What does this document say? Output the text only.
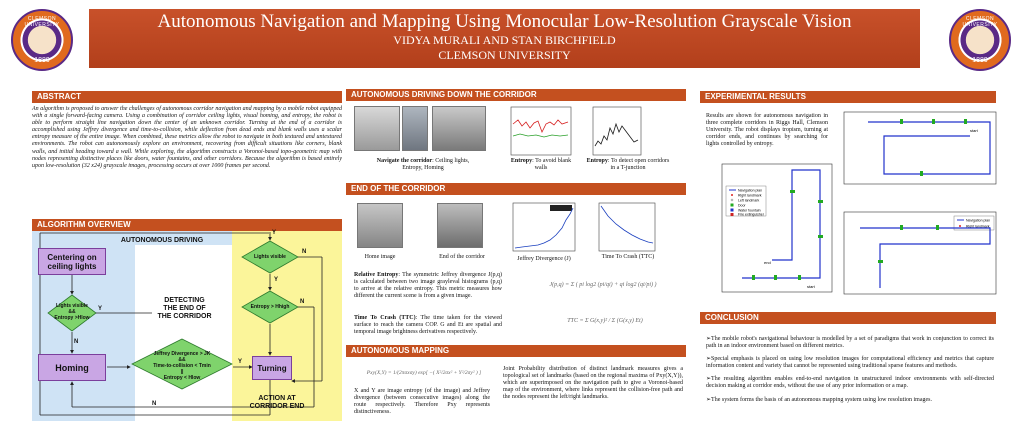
CLEMSON UNIVERSITY
1889
Autonomous Navigation and Mapping Using Monocular Low-Resolution Grayscale Vision
VIDYA MURALI AND STAN BIRCHFIELD
CLEMSON UNIVERSITY
CLEMSON UNIVERSITY
1889
ABSTRACT
An algorithm is proposed to answer the challenges of autonomous corridor navigation and mapping by a mobile robot equipped with a single forward-facing camera. Using a combination of corridor ceiling lights, visual homing, and entropy, the robot is able to perform straight line navigation down the center of an unknown corridor. Turning at the end of a corridor is accomplished using Jeffrey divergence and time-to-collision, while deflection from dead ends and blank walls uses a scalar entropy measure of the entire image. When combined, these metrics allow the robot to navigate in both textured and untextured environments. The robot can autonomously explore an environment, recovering from difficult situations like corners, blank walls, and initial heading toward a wall. While exploring, the algorithm constructs a Voronoi-based topo-geometric map with nodes representing distinctive places like doors, water fountains, and other corridors. Because the algorithm is based entirely upon low-resolution (32 x24) grayscale images, processing occurs at over 1000 frames per second.
ALGORITHM OVERVIEW
AUTONOMOUS DRIVING
Centering on ceiling lights
Lights visible
Lights visible
&&
Entropy >Hlow
Entropy > Hhigh
DETECTING
THE END OF
THE CORRIDOR
Jeffrey Divergence > JK
&&
Time-to-collision < Tmin
||
Entropy < Hlow
Homing	Turning
ACTION AT
CORRIDOR END
Y
N
Y
N
Y
N
Y
N
AUTONOMOUS DRIVING DOWN THE CORRIDOR
Navigate the corridor: Ceiling lights, Entropy, Homing
Entropy: To avoid blank walls
Entropy: To detect open corridors in a T-junction
END OF THE CORRIDOR
Home image	End of the corridor	Jeffrey Divergence (J)	Time To Crash (TTC)
Relative Entropy: The symmetric Jeffrey divergence J(p,q) is calculated between two image grayleval histograms (p,q) to arrive at the relative entropy. This metric measures how different the current scene is from a given image.
J(p,q) = Σ ( pi log2 (pi/qi) + qi log2 (qi/pi) )
Time To Crash (TTC): The time taken for the viewed surface to reach the camera COP. G and Et are spatial and temporal image brightness derivatives respectively.
TTC = Σ G(x,y)² / Σ (G(x,y) Et)
AUTONOMOUS MAPPING
Pxy(X,Y) = 1/(2πσxσy) exp[ −( X²/2σx² + Y²/2σy² ) ]
X and Y are image entropy (of the image) and Jeffrey divergence (between consecutive images) along the route respectively. Therefore Pxy represents distinctiveness.
Joint Probability distribution of distinct landmark measures gives a topological set of landmarks (based on the regional maxima of Pxy(X,Y)), which are superimposed on the navigation path to give a Voronoi-based map of the environment, where links represent the collision-free path and the nodes represent the left/right landmarks.
EXPERIMENTAL RESULTS
Results are shown for autonomous navigation in three complete corridors in Riggs Hall, Clemson University. The robot displays tropism, turning at corridor ends, and continues by searching for lights controlled by entropy.
Navigation plan
Right landmark
Left landmark
Door
Water fountain
Fire extinguisher
start
end
start
Navigation plan
Right landmark
CONCLUSION
➢The mobile robot's navigational behaviour is modelled by a set of paradigms that work in conjunction to correct its path in an indoor environment based on different metrics.
➢Special emphasis is placed on using low resolution images for computational efficiency and metrics that capture information content and variety that cannot be represented using traditional sparse features and methods.
➢The resulting algorithm enables end-to-end navigation in unstructured indoor environments with self-directed decision making at corridor ends, without the use of any prior information or a map.
➢The system forms the basis of an autonomous mapping system using low resolution images.
